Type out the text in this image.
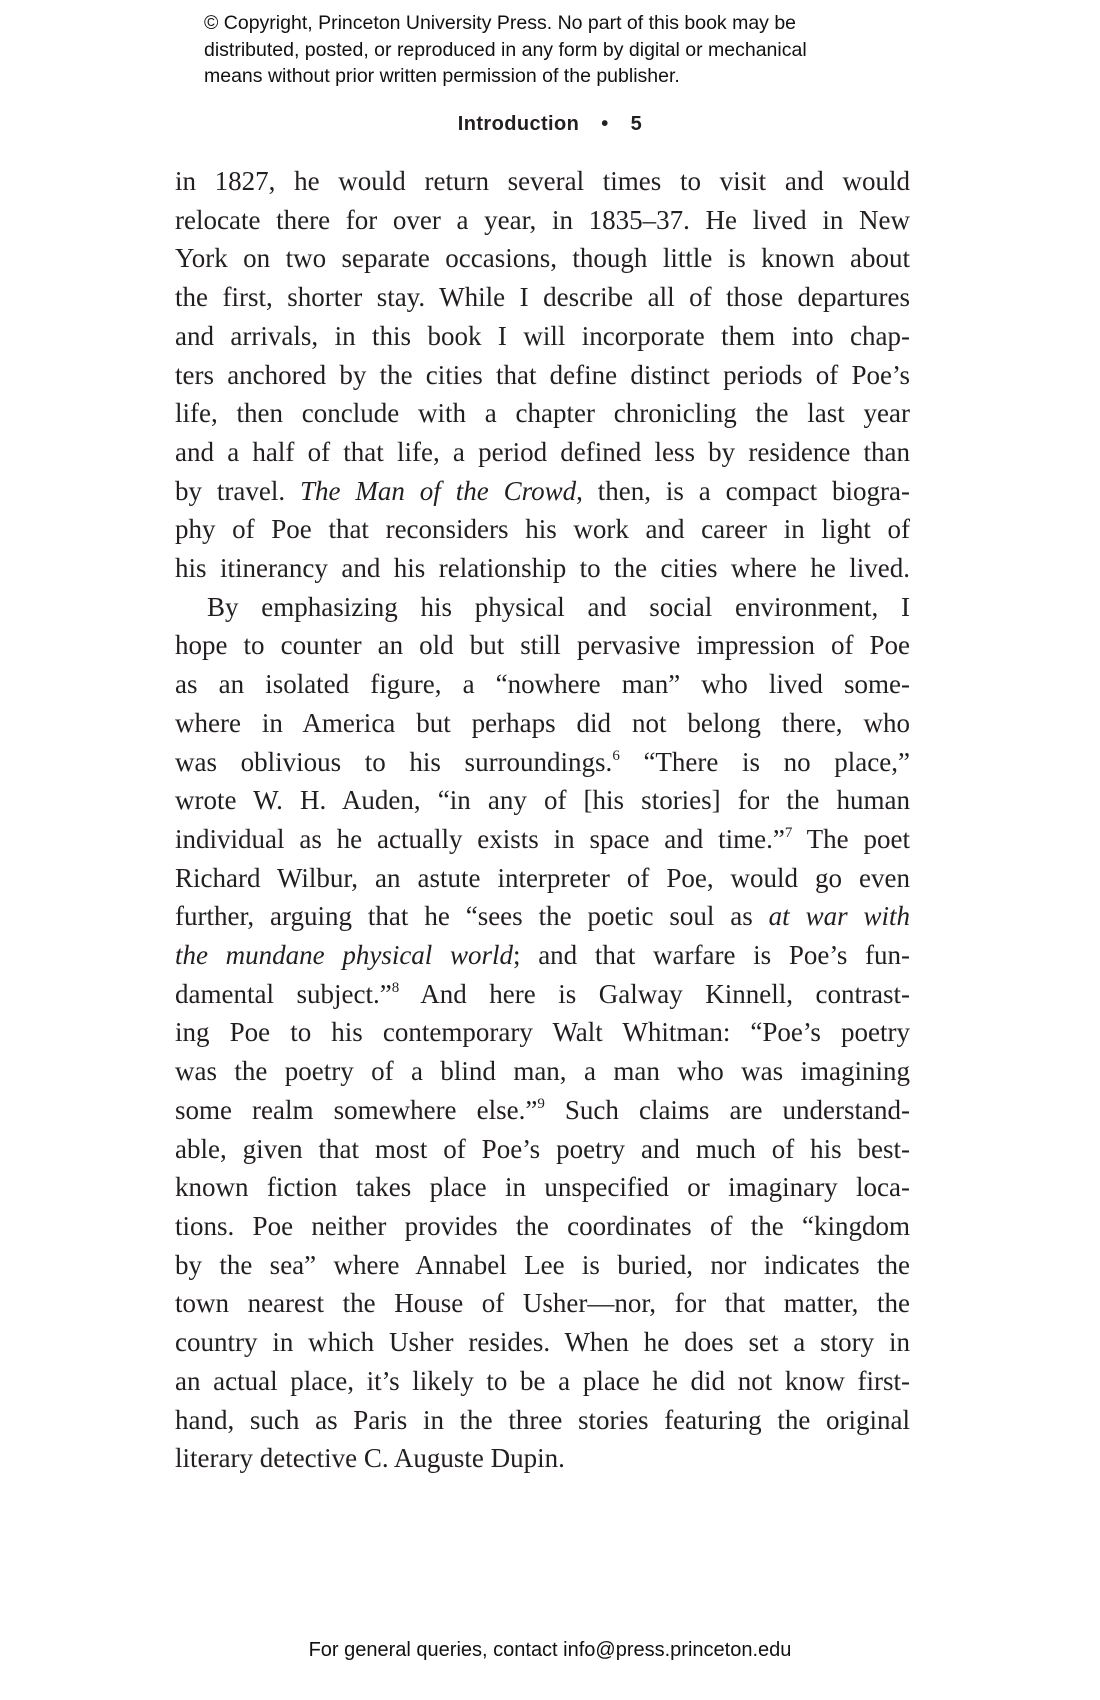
© Copyright, Princeton University Press. No part of this book may be
distributed, posted, or reproduced in any form by digital or mechanical
means without prior written permission of the publisher.
Introduction • 5
in 1827, he would return several times to visit and would
relocate there for over a year, in 1835–37. He lived in New
York on two separate occasions, though little is known about
the first, shorter stay. While I describe all of those departures
and arrivals, in this book I will incorporate them into chap-
ters anchored by the cities that define distinct periods of Poe’s
life, then conclude with a chapter chronicling the last year
and a half of that life, a period defined less by residence than
by travel. The Man of the Crowd, then, is a compact biogra-
phy of Poe that reconsiders his work and career in light of
his itinerancy and his relationship to the cities where he lived.
By emphasizing his physical and social environment, I
hope to counter an old but still pervasive impression of Poe
as an isolated figure, a “nowhere man” who lived some-
where in America but perhaps did not belong there, who
was oblivious to his surroundings.$^6$ “There is no place,”
wrote W. H. Auden, “in any of [his stories] for the human
individual as he actually exists in space and time.”$^7$ The poet
Richard Wilbur, an astute interpreter of Poe, would go even
further, arguing that he “sees the poetic soul as at war with
the mundane physical world; and that warfare is Poe’s fun-
damental subject.”$^8$ And here is Galway Kinnell, contrast-
ing Poe to his contemporary Walt Whitman: “Poe’s poetry
was the poetry of a blind man, a man who was imagining
some realm somewhere else.”$^9$ Such claims are understand-
able, given that most of Poe’s poetry and much of his best-
known fiction takes place in unspecified or imaginary loca-
tions. Poe neither provides the coordinates of the “kingdom
by the sea” where Annabel Lee is buried, nor indicates the
town nearest the House of Usher—nor, for that matter, the
country in which Usher resides. When he does set a story in
an actual place, it’s likely to be a place he did not know first-
hand, such as Paris in the three stories featuring the original
literary detective C. Auguste Dupin.
For general queries, contact info@press.princeton.edu
